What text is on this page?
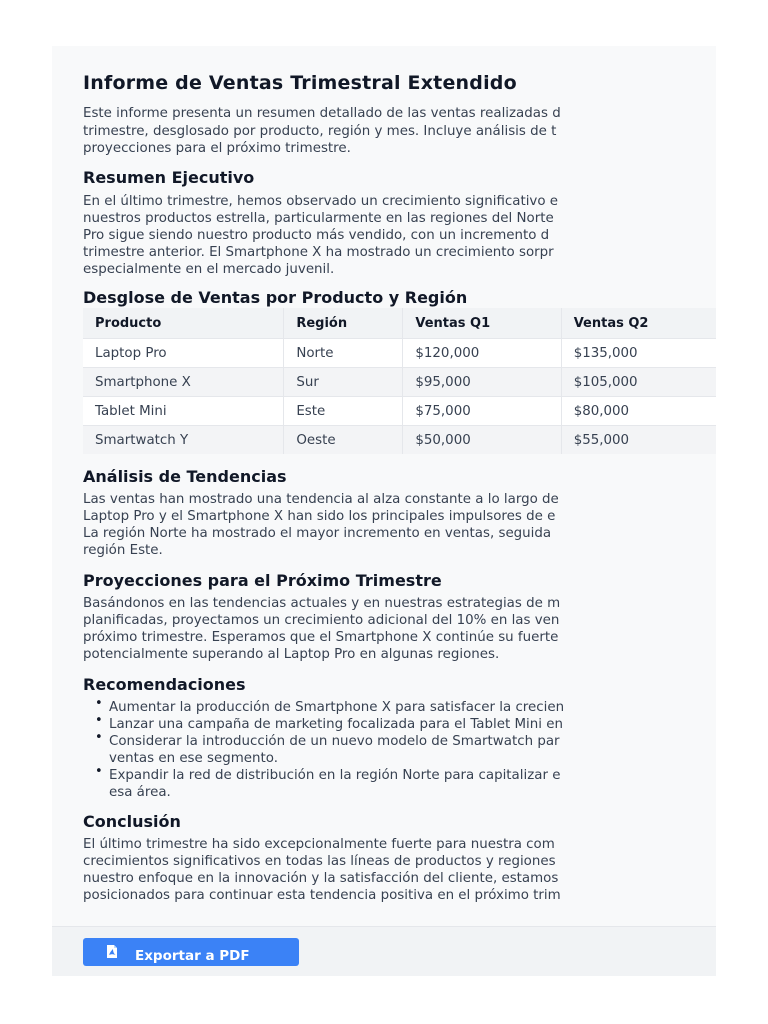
Informe de Ventas Trimestral Extendido

Este informe presenta un resumen detallado de las ventas realizadas d

trimestre, desglosado por producto, región y mes. Incluye análisis de t

proyecciones para el próximo trimestre.

Resumen Ejecutivo

En el último trimestre, hemos observado un crecimiento significativo e

nuestros productos estrella, particularmente en las regiones del Norte

Pro sigue siendo nuestro producto más vendido, con un incremento d

trimestre anterior. El Smartphone X ha mostrado un crecimiento sorpr

especialmente en el mercado juvenil.

Desglose de Ventas por Producto y Región
Análisis de Tendencias

Las ventas han mostrado una tendencia al alza constante a lo largo de

Laptop Pro y el Smartphone X han sido los principales impulsores de e

La región Norte ha mostrado el mayor incremento en ventas, seguida

región Este.

Proyecciones para el Próximo Trimestre

Basándonos en las tendencias actuales y en nuestras estrategias de m

planificadas, proyectamos un crecimiento adicional del 10% en las ven

próximo trimestre. Esperamos que el Smartphone X continúe su fuerte

potencialmente superando al Laptop Pro en algunas regiones.

Recomendaciones
• Aumentar la producción de Smartphone X para satisfacer la crecien
• Lanzar una campaña de marketing focalizada para el Tablet Mini en
• Considerar la introducción de un nuevo modelo de Smartwatch par
ventas en ese segmento.
• Expandir la red de distribución en la región Norte para capitalizar e
esa área.
Conclusión

El último trimestre ha sido excepcionalmente fuerte para nuestra com

crecimientos significativos en todas las líneas de productos y regiones

nuestro enfoque en la innovación y la satisfacción del cliente, estamos

posicionados para continuar esta tendencia positiva en el próximo trim

Producto	Región	Ventas Q1	Ventas Q2
Laptop Pro	Norte	$120,000	$135,000
Smartphone X	Sur	$95,000	$105,000
Tablet Mini	Este	$75,000	$80,000
Smartwatch Y	Oeste	$50,000	$55,000
Exportar a PDF
